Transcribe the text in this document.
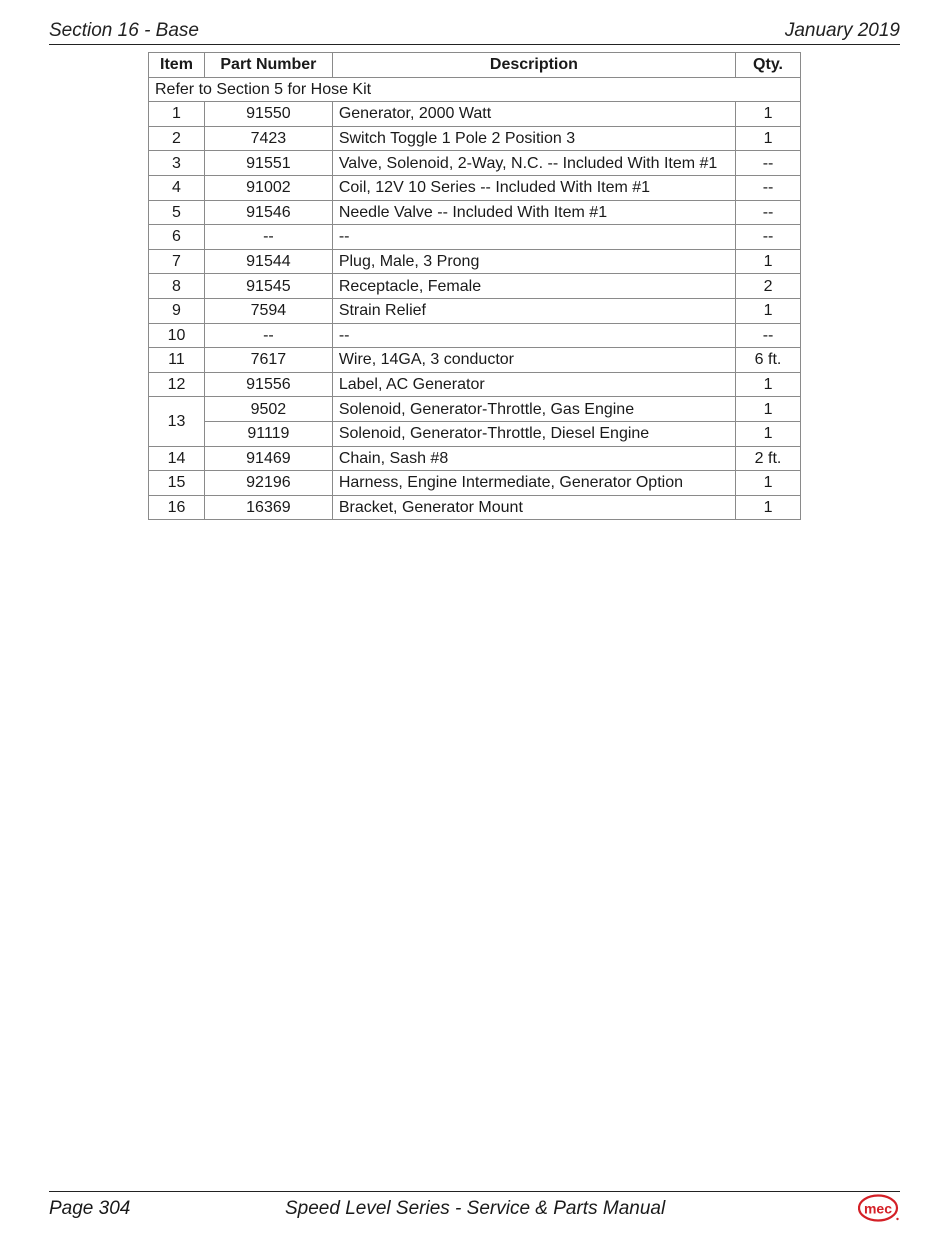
Section 16 - Base	January 2019
Item	Part Number	Description	Qty.
Refer to Section 5 for Hose Kit			
1	91550	Generator, 2000 Watt	1
2	7423	Switch Toggle 1 Pole 2 Position 3	1
3	91551	Valve, Solenoid, 2-Way, N.C. -- Included With Item #1	--
4	91002	Coil, 12V 10 Series -- Included With Item #1	--
5	91546	Needle Valve -- Included With Item #1	--
6	--	--	--
7	91544	Plug, Male, 3 Prong	1
8	91545	Receptacle, Female	2
9	7594	Strain Relief	1
10	--	--	--
11	7617	Wire, 14GA, 3 conductor	6 ft.
12	91556	Label, AC Generator	1
13	9502	Solenoid, Generator-Throttle, Gas Engine	1
	91119	Solenoid, Generator-Throttle, Diesel Engine	1
14	91469	Chain, Sash #8	2 ft.
15	92196	Harness, Engine Intermediate, Generator Option	1
16	16369	Bracket, Generator Mount	1
Page 304	Speed Level Series - Service & Parts Manual	mec
